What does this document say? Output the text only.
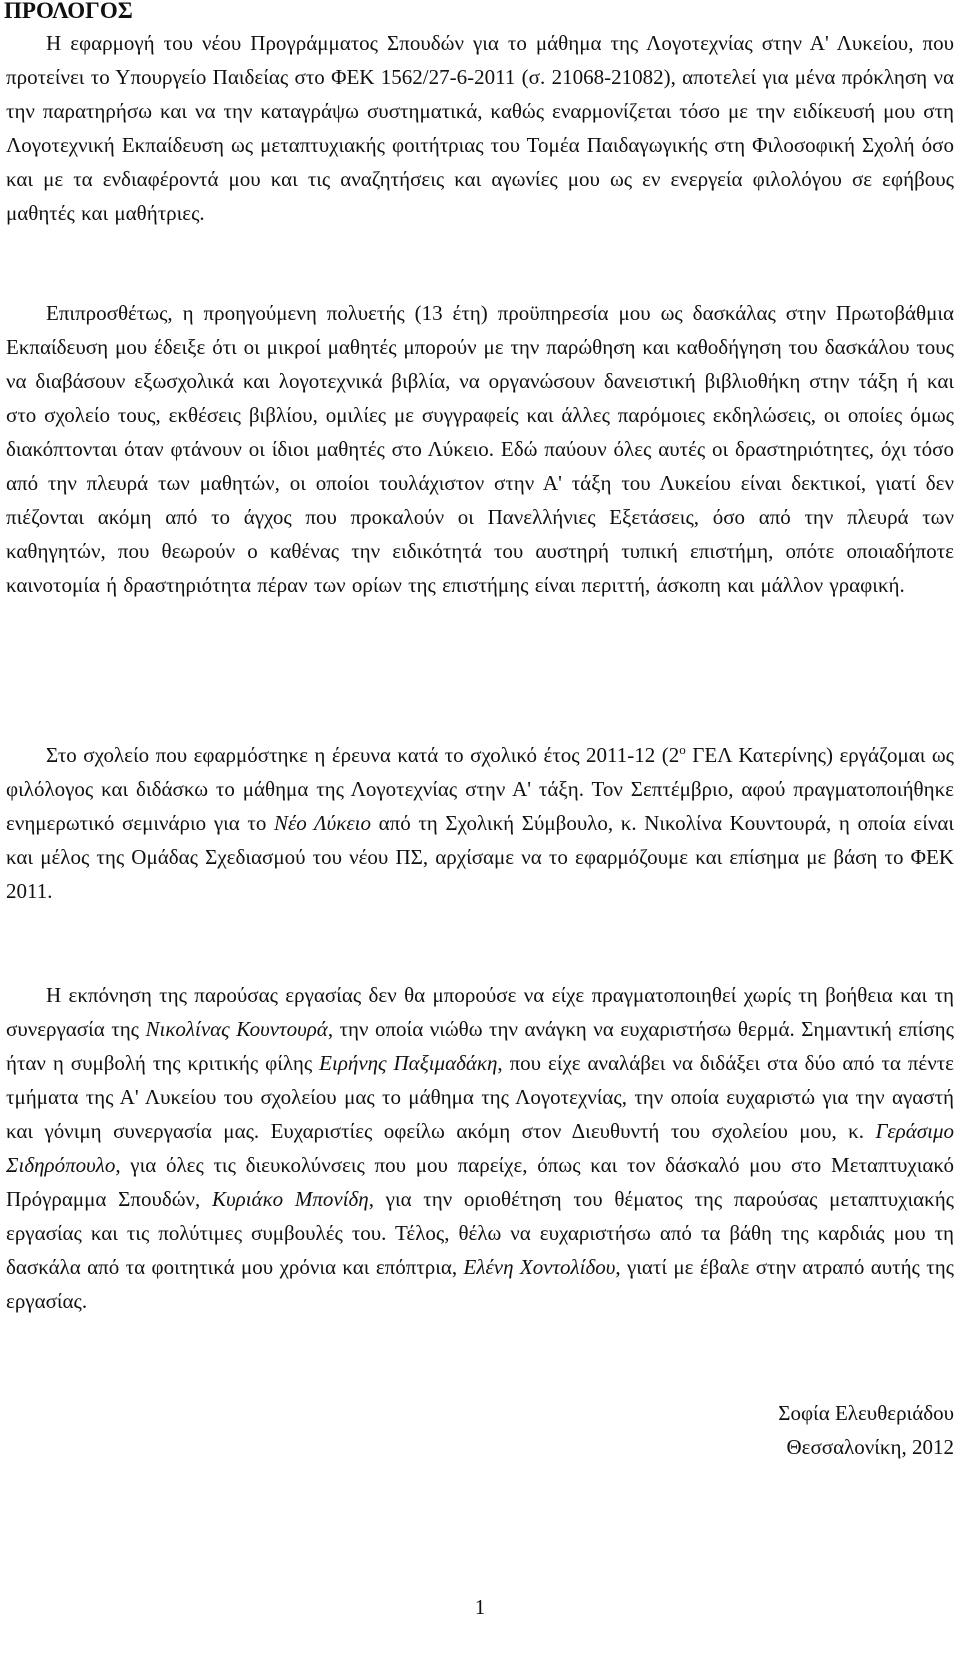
ΠΡΟΛΟΓΟΣ

Η εφαρμογή του νέου Προγράμματος Σπουδών για το μάθημα της Λογοτεχνίας στην Α' Λυκείου, που προτείνει το Υπουργείο Παιδείας στο ΦΕΚ 1562/27-6-2011 (σ. 21068-21082), αποτελεί για μένα πρόκληση να την παρατηρήσω και να την καταγράψω συστηματικά, καθώς εναρμονίζεται τόσο με την ειδίκευσή μου στη Λογοτεχνική Εκπαίδευση ως μεταπτυχιακής φοιτήτριας του Τομέα Παιδαγωγικής στη Φιλοσοφική Σχολή όσο και με τα ενδιαφέροντά μου και τις αναζητήσεις και αγωνίες μου ως εν ενεργεία φιλολόγου σε εφήβους μαθητές και μαθήτριες.

Επιπροσθέτως, η προηγούμενη πολυετής (13 έτη) προϋπηρεσία μου ως δασκάλας στην Πρωτοβάθμια Εκπαίδευση μου έδειξε ότι οι μικροί μαθητές μπορούν με την παρώθηση και καθοδήγηση του δασκάλου τους να διαβάσουν εξωσχολικά και λογοτεχνικά βιβλία, να οργανώσουν δανειστική βιβλιοθήκη στην τάξη ή και στο σχολείο τους, εκθέσεις βιβλίου, ομιλίες με συγγραφείς και άλλες παρόμοιες εκδηλώσεις, οι οποίες όμως διακόπτονται όταν φτάνουν οι ίδιοι μαθητές στο Λύκειο. Εδώ παύουν όλες αυτές οι δραστηριότητες, όχι τόσο από την πλευρά των μαθητών, οι οποίοι τουλάχιστον στην Α' τάξη του Λυκείου είναι δεκτικοί, γιατί δεν πιέζονται ακόμη από το άγχος που προκαλούν οι Πανελλήνιες Εξετάσεις, όσο από την πλευρά των καθηγητών, που θεωρούν ο καθένας την ειδικότητά του αυστηρή τυπική επιστήμη, οπότε οποιαδήποτε καινοτομία ή δραστηριότητα πέραν των ορίων της επιστήμης είναι περιττή, άσκοπη και μάλλον γραφική.

Στο σχολείο που εφαρμόστηκε η έρευνα κατά το σχολικό έτος 2011-12 ($2^o$ ΓΕΛ Κατερίνης) εργάζομαι ως φιλόλογος και διδάσκω το μάθημα της Λογοτεχνίας στην Α' τάξη. Τον Σεπτέμβριο, αφού πραγματοποιήθηκε ενημερωτικό σεμινάριο για το Νέο Λύκειο από τη Σχολική Σύμβουλο, κ. Νικολίνα Κουντουρά, η οποία είναι και μέλος της Ομάδας Σχεδιασμού του νέου ΠΣ, αρχίσαμε να το εφαρμόζουμε και επίσημα με βάση το ΦΕΚ 2011.

Η εκπόνηση της παρούσας εργασίας δεν θα μπορούσε να είχε πραγματοποιηθεί χωρίς τη βοήθεια και τη συνεργασία της Νικολίνας Κουντουρά, την οποία νιώθω την ανάγκη να ευχαριστήσω θερμά. Σημαντική επίσης ήταν η συμβολή της κριτικής φίλης Ειρήνης Παξιμαδάκη, που είχε αναλάβει να διδάξει στα δύο από τα πέντε τμήματα της Α' Λυκείου του σχολείου μας το μάθημα της Λογοτεχνίας, την οποία ευχαριστώ για την αγαστή και γόνιμη συνεργασία μας. Ευχαριστίες οφείλω ακόμη στον Διευθυντή του σχολείου μου, κ. Γεράσιμο Σιδηρόπουλο, για όλες τις διευκολύνσεις που μου παρείχε, όπως και τον δάσκαλό μου στο Μεταπτυχιακό Πρόγραμμα Σπουδών, Κυριάκο Μπονίδη, για την οριοθέτηση του θέματος της παρούσας μεταπτυχιακής εργασίας και τις πολύτιμες συμβουλές του. Τέλος, θέλω να ευχαριστήσω από τα βάθη της καρδιάς μου τη δασκάλα από τα φοιτητικά μου χρόνια και επόπτρια, Ελένη Χοντολίδου, γιατί με έβαλε στην ατραπό αυτής της εργασίας.

Σοφία Ελευθεριάδου

Θεσσαλονίκη, 2012

1
